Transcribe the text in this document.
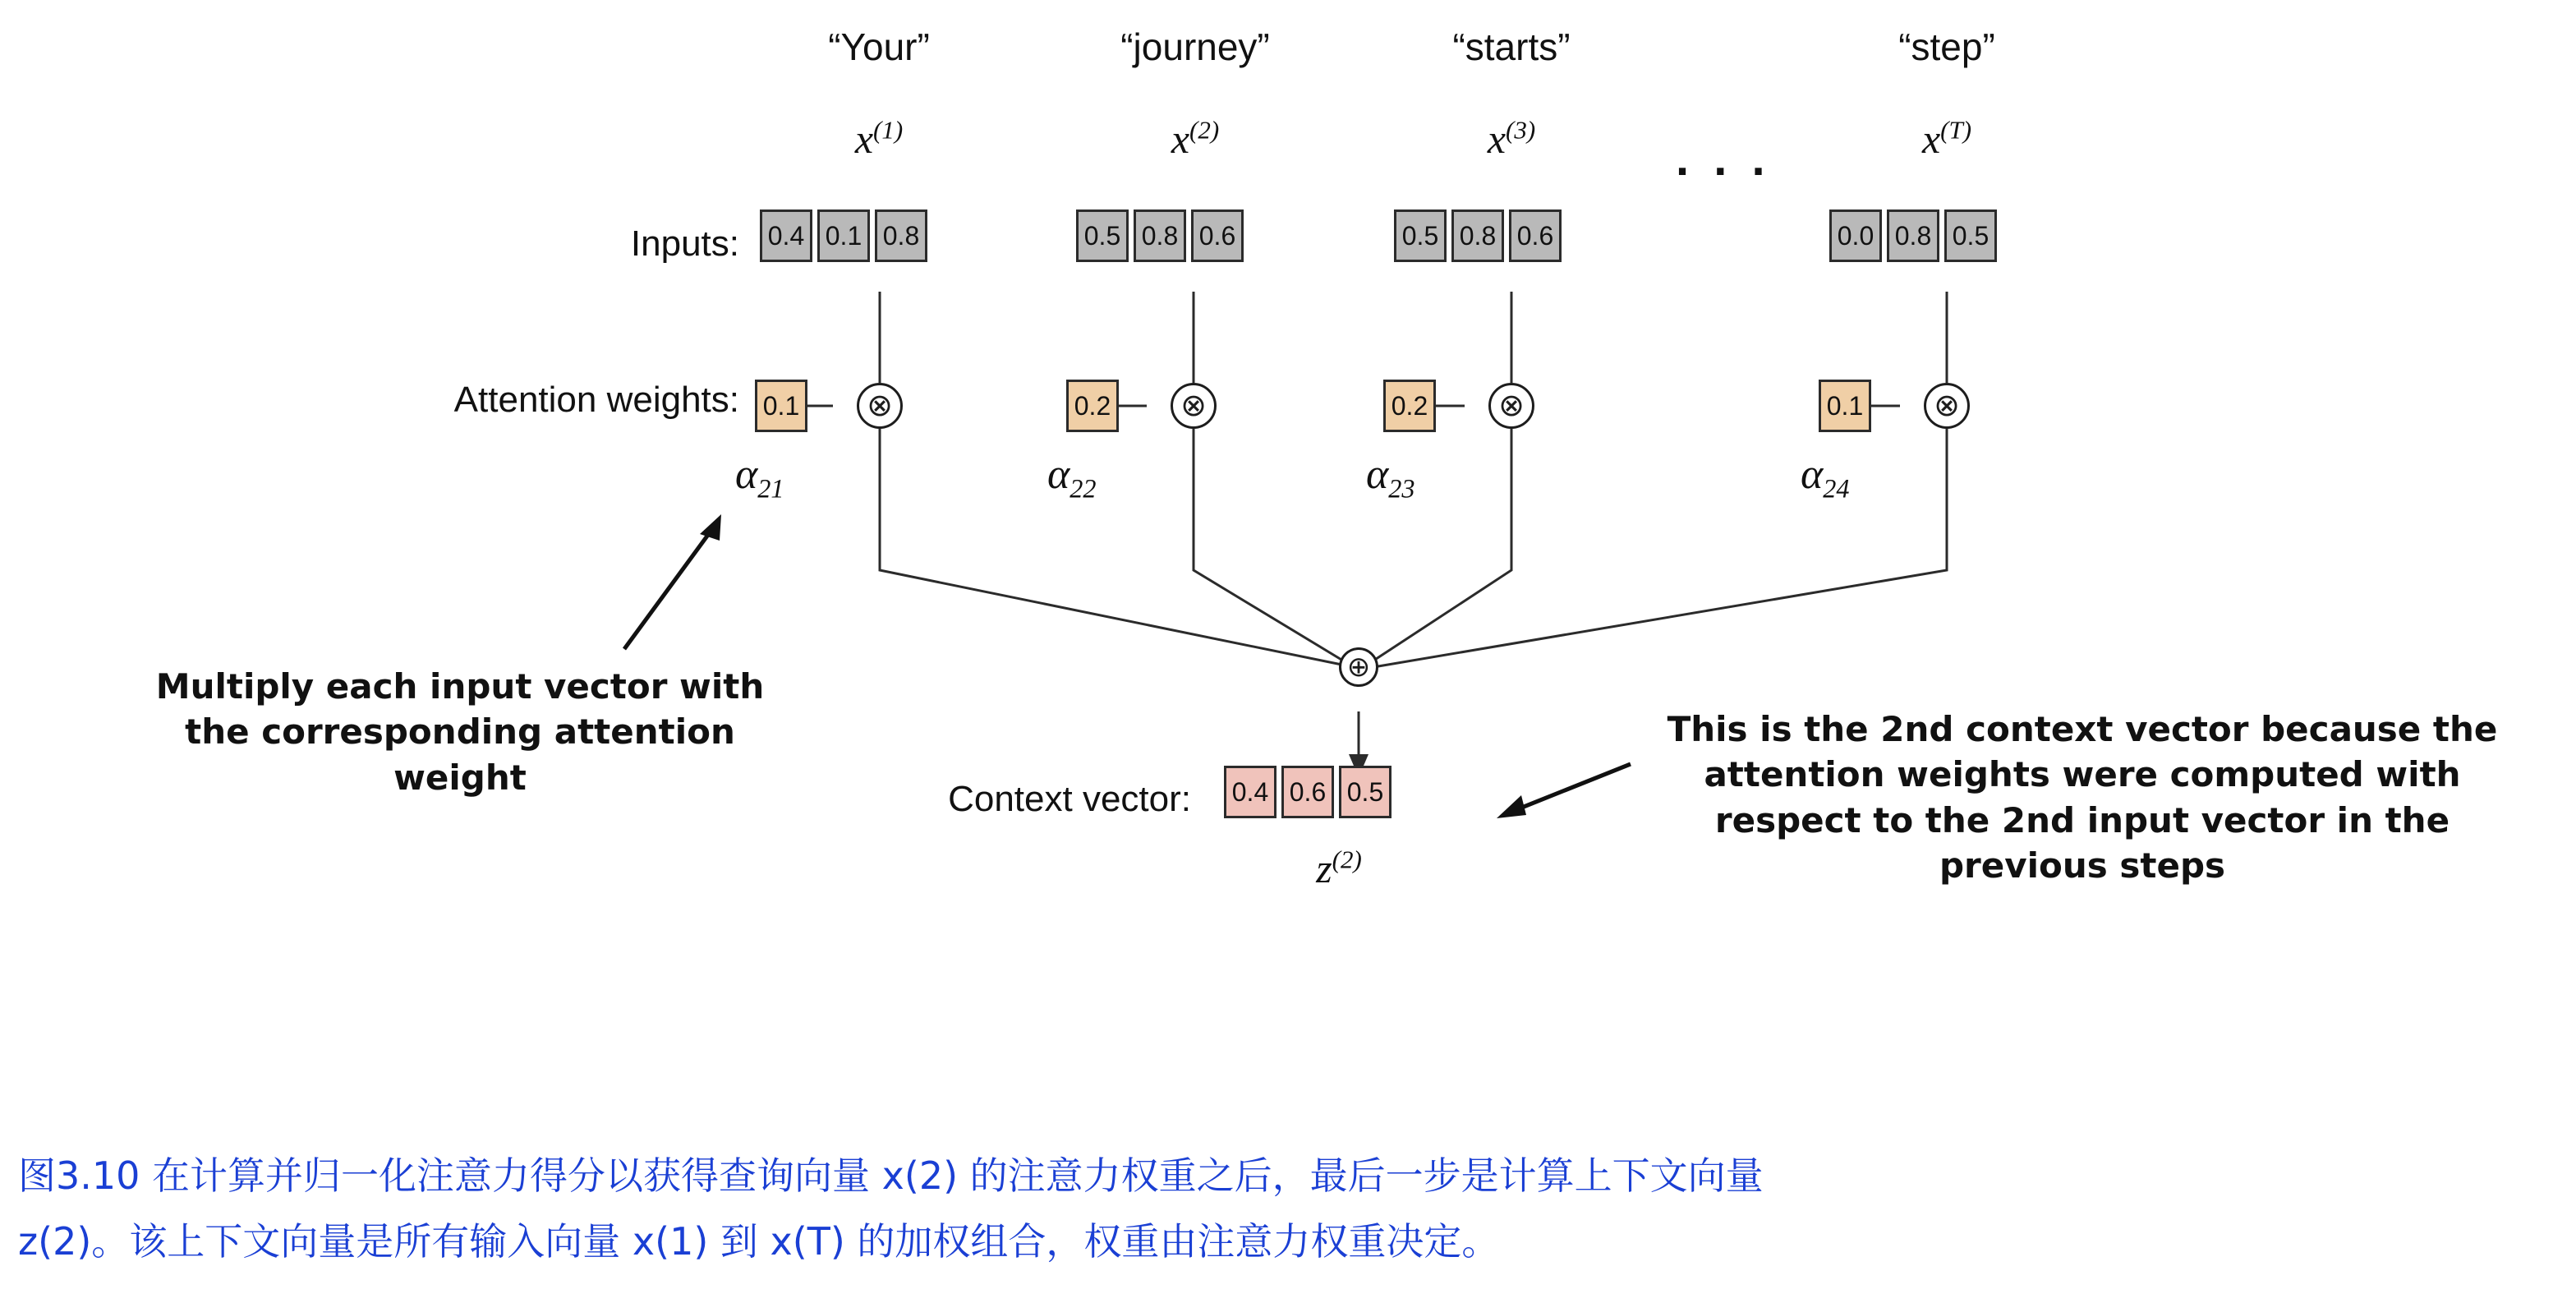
“Your”	“journey”	“starts”	“step”
$x^{(1)}$	$x^{(2)}$	$x^{(3)}$	$x^{(T)}$
. . .
Inputs:	0.4 0.1 0.8	0.5 0.8 0.6	0.5 0.8 0.6	0.0 0.8 0.5
Attention weights: 0.1	⊗	0.2	⊗	0.2	⊗	0.1	⊗
$\alpha_{21}$	$\alpha_{22}$	$\alpha_{23}$	$\alpha_{24}$
⊕
Context vector:	0.4 0.6 0.5
$z^{(2)}$
Multiply each input vector with the corresponding attention weight
This is the 2nd context vector because the attention weights were computed with respect to the 2nd input vector in the previous steps
图3.10 在计算并归一化注意力得分以获得查询向量 x(2) 的注意力权重之后，最后一步是计算上下文向量
z(2)。该上下文向量是所有输入向量 x(1) 到 x(T) 的加权组合，权重由注意力权重决定。
